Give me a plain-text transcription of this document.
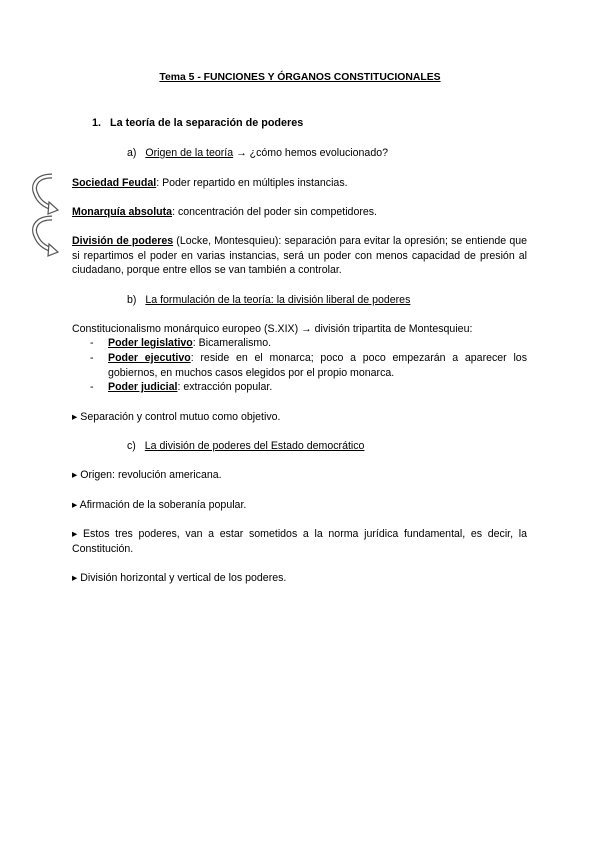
Tema 5 - FUNCIONES Y ÓRGANOS CONSTITUCIONALES
1. La teoría de la separación de poderes
a) Origen de la teoría → ¿cómo hemos evolucionado?
Sociedad Feudal: Poder repartido en múltiples instancias.
Monarquía absoluta: concentración del poder sin competidores.
División de poderes (Locke, Montesquieu): separación para evitar la opresión; se entiende que si repartimos el poder en varias instancias, será un poder con menos capacidad de presión al ciudadano, porque entre ellos se van también a controlar.
b) La formulación de la teoría: la división liberal de poderes
Constitucionalismo monárquico europeo (S.XIX) → división tripartita de Montesquieu:
- Poder legislativo: Bicameralismo.
- Poder ejecutivo: reside en el monarca; poco a poco empezarán a aparecer los gobiernos, en muchos casos elegidos por el propio monarca.
- Poder judicial: extracción popular.
▸ Separación y control mutuo como objetivo.
c) La división de poderes del Estado democrático
▸ Origen: revolución americana.
▸ Afirmación de la soberanía popular.
▸ Estos tres poderes, van a estar sometidos a la norma jurídica fundamental, es decir, la Constitución.
▸ División horizontal y vertical de los poderes.
